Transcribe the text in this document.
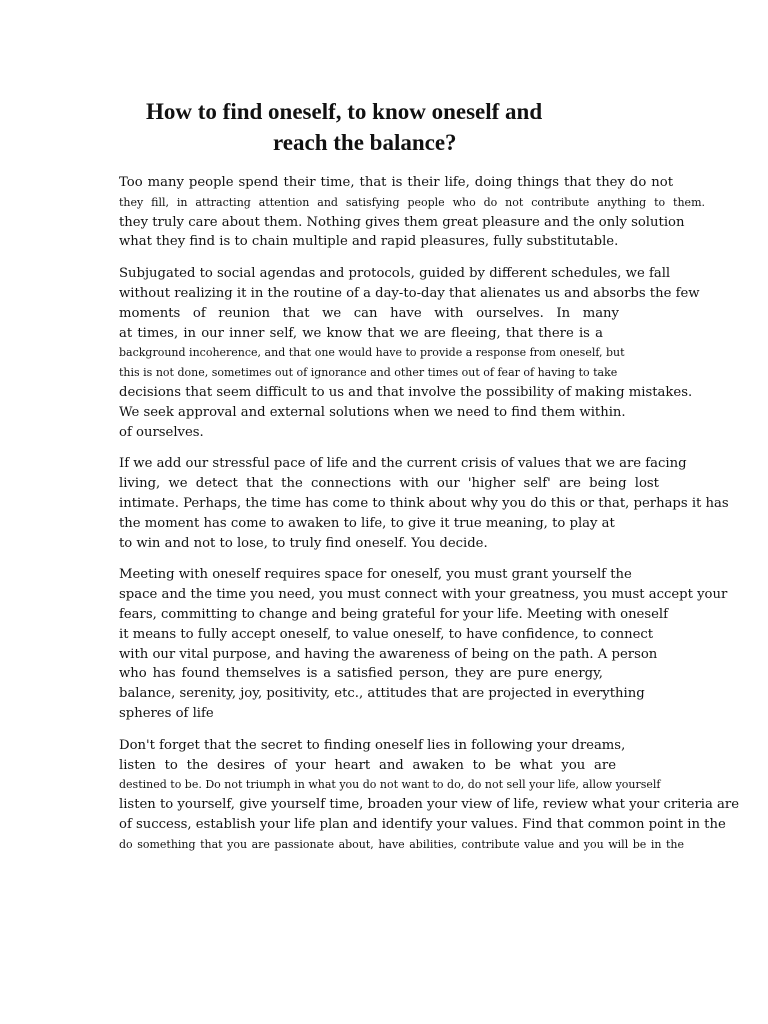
How to find oneself, to know oneself and
reach the balance?
Too many people spend their time, that is their life, doing things that they do not
they fill, in attracting attention and satisfying people who do not contribute anything to them.
they truly care about them. Nothing gives them great pleasure and the only solution
what they find is to chain multiple and rapid pleasures, fully substitutable.
Subjugated to social agendas and protocols, guided by different schedules, we fall
without realizing it in the routine of a day-to-day that alienates us and absorbs the few
moments of reunion that we can have with ourselves. In many
at times, in our inner self, we know that we are fleeing, that there is a
background incoherence, and that one would have to provide a response from oneself, but
this is not done, sometimes out of ignorance and other times out of fear of having to take
decisions that seem difficult to us and that involve the possibility of making mistakes.
We seek approval and external solutions when we need to find them within.
of ourselves.
If we add our stressful pace of life and the current crisis of values that we are facing
living, we detect that the connections with our 'higher self' are being lost
intimate. Perhaps, the time has come to think about why you do this or that, perhaps it has
the moment has come to awaken to life, to give it true meaning, to play at
to win and not to lose, to truly find oneself. You decide.
Meeting with oneself requires space for oneself, you must grant yourself the
space and the time you need, you must connect with your greatness, you must accept your
fears, committing to change and being grateful for your life. Meeting with oneself
it means to fully accept oneself, to value oneself, to have confidence, to connect
with our vital purpose, and having the awareness of being on the path. A person
who has found themselves is a satisfied person, they are pure energy,
balance, serenity, joy, positivity, etc., attitudes that are projected in everything
spheres of life
Don't forget that the secret to finding oneself lies in following your dreams,
listen to the desires of your heart and awaken to be what you are
destined to be. Do not triumph in what you do not want to do, do not sell your life, allow yourself
listen to yourself, give yourself time, broaden your view of life, review what your criteria are
of success, establish your life plan and identify your values. Find that common point in the
do something that you are passionate about, have abilities, contribute value and you will be in the
